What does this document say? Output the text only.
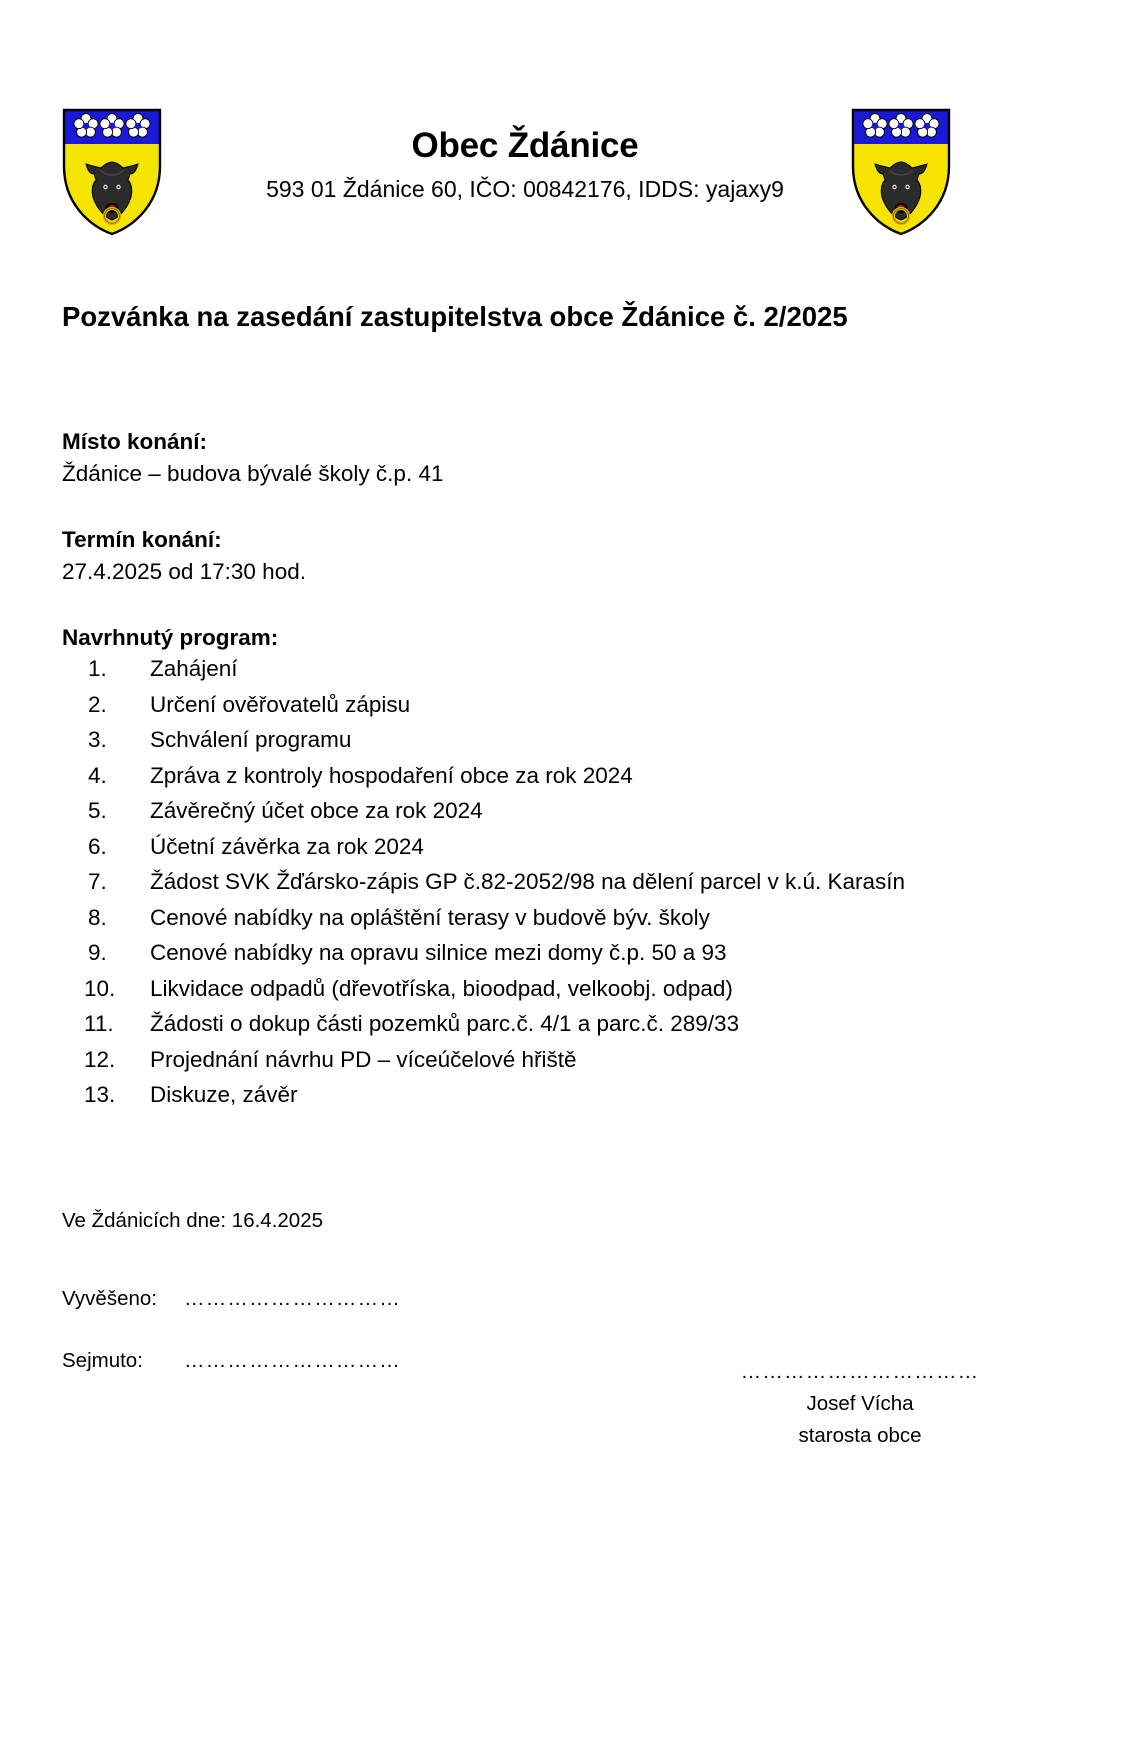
Obec Ždánice
593 01 Ždánice 60, IČO: 00842176, IDDS: yajaxy9
Pozvánka na zasedání zastupitelstva obce Ždánice č. 2/2025
Místo konání:
Ždánice – budova bývalé školy č.p. 41
Termín konání:
27.4.2025 od 17:30 hod.
Navrhnutý program:
1.	Zahájení
2.	Určení ověřovatelů zápisu
3.	Schválení programu
4.	Zpráva z kontroly hospodaření obce za rok 2024
5.	Závěrečný účet obce za rok 2024
6.	Účetní závěrka za rok 2024
7.	Žádost SVK Žďársko-zápis GP č.82-2052/98 na dělení parcel v k.ú. Karasín
8.	Cenové nabídky na opláštění terasy v budově býv. školy
9.	Cenové nabídky na opravu silnice mezi domy č.p. 50 a 93
10.	Likvidace odpadů (dřevotříska, bioodpad, velkoobj. odpad)
11.	Žádosti o dokup části pozemků parc.č. 4/1 a parc.č. 289/33
12.	Projednání návrhu PD – víceúčelové hřiště
13.	Diskuze, závěr
Ve Ždánicích dne: 16.4.2025
Vyvěšeno:	…………………………
Sejmuto:	…………………………	……………………………
Josef Vícha
starosta obce
